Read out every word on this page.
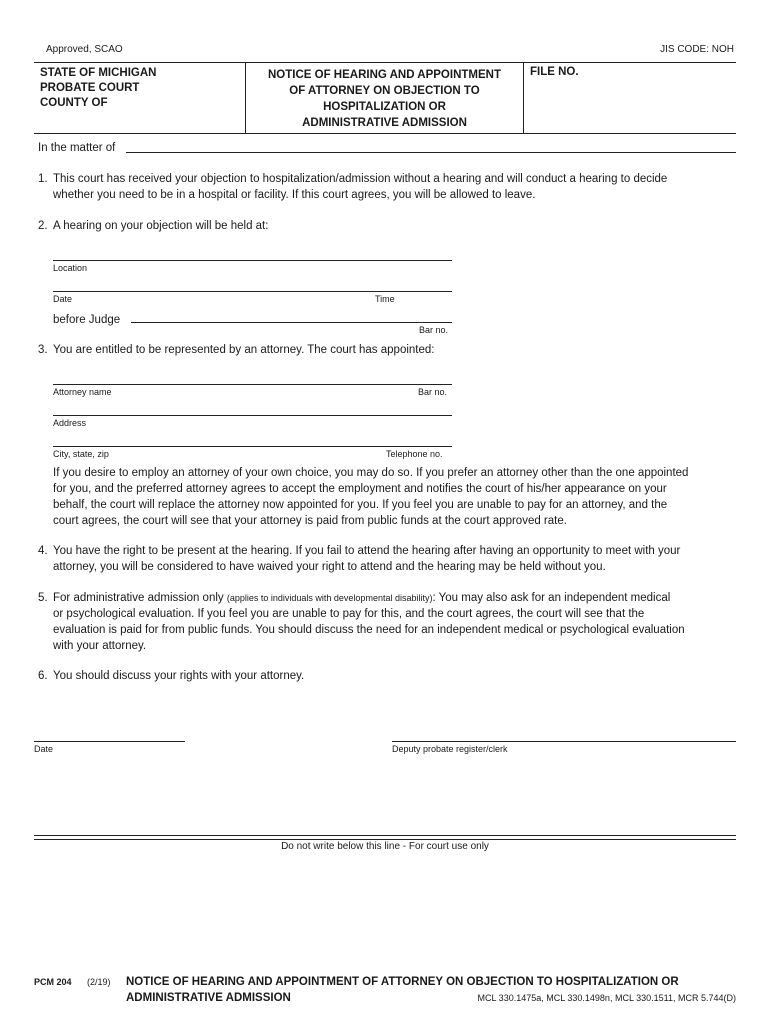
Approved, SCAO	JIS CODE: NOH
STATE OF MICHIGAN
PROBATE COURT
COUNTY OF
NOTICE OF HEARING AND APPOINTMENT
OF ATTORNEY ON OBJECTION TO
HOSPITALIZATION OR
ADMINISTRATIVE ADMISSION
FILE NO.
In the matter of
1. This court has received your objection to hospitalization/admission without a hearing and will conduct a hearing to decide
whether you need to be in a hospital or facility. If this court agrees, you will be allowed to leave.
2. A hearing on your objection will be held at:
Location
Date	Time
before Judge
Bar no.
3. You are entitled to be represented by an attorney. The court has appointed:
Attorney name	Bar no.
Address
City, state, zip	Telephone no.
If you desire to employ an attorney of your own choice, you may do so. If you prefer an attorney other than the one appointed
for you, and the preferred attorney agrees to accept the employment and notifies the court of his/her appearance on your
behalf, the court will replace the attorney now appointed for you. If you feel you are unable to pay for an attorney, and the
court agrees, the court will see that your attorney is paid from public funds at the court approved rate.
4. You have the right to be present at the hearing. If you fail to attend the hearing after having an opportunity to meet with your
attorney, you will be considered to have waived your right to attend and the hearing may be held without you.
5. For administrative admission only (applies to individuals with developmental disability): You may also ask for an independent medical
or psychological evaluation. If you feel you are unable to pay for this, and the court agrees, the court will see that the
evaluation is paid for from public funds. You should discuss the need for an independent medical or psychological evaluation
with your attorney.
6. You should discuss your rights with your attorney.
Date	Deputy probate register/clerk
Do not write below this line - For court use only
PCM 204 (2/19) NOTICE OF HEARING AND APPOINTMENT OF ATTORNEY ON OBJECTION TO HOSPITALIZATION OR
ADMINISTRATIVE ADMISSION	MCL 330.1475a, MCL 330.1498n, MCL 330.1511, MCR 5.744(D)
